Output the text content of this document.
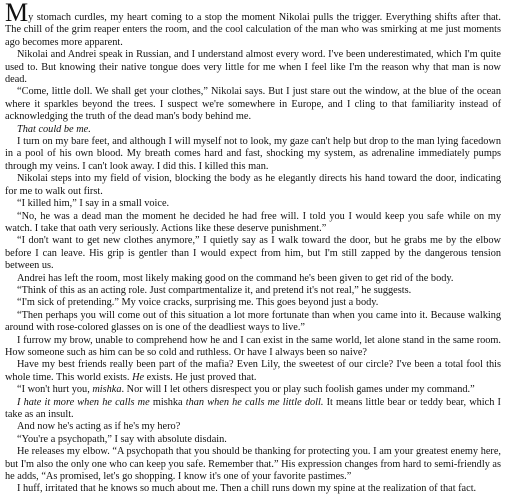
My stomach curdles, my heart coming to a stop the moment Nikolai pulls the trigger. Everything shifts after that. The chill of the grim reaper enters the room, and the cool calculation of the man who was smirking at me just moments ago becomes more apparent.

Nikolai and Andrei speak in Russian, and I understand almost every word. I've been underestimated, which I'm quite used to. But knowing their native tongue does very little for me when I feel like I'm the reason why that man is now dead.

“Come, little doll. We shall get your clothes,” Nikolai says. But I just stare out the window, at the blue of the ocean where it sparkles beyond the trees. I suspect we're somewhere in Europe, and I cling to that familiarity instead of acknowledging the truth of the dead man's body behind me.

That could be me.

I turn on my bare feet, and although I will myself not to look, my gaze can't help but drop to the man lying facedown in a pool of his own blood. My breath comes hard and fast, shocking my system, as adrenaline immediately pumps through my veins. I can't look away. I did this. I killed this man.

Nikolai steps into my field of vision, blocking the body as he elegantly directs his hand toward the door, indicating for me to walk out first.

“I killed him,” I say in a small voice.

“No, he was a dead man the moment he decided he had free will. I told you I would keep you safe while on my watch. I take that oath very seriously. Actions like these deserve punishment.”

“I don't want to get new clothes anymore,” I quietly say as I walk toward the door, but he grabs me by the elbow before I can leave. His grip is gentler than I would expect from him, but I'm still zapped by the dangerous tension between us.

Andrei has left the room, most likely making good on the command he's been given to get rid of the body.

“Think of this as an acting role. Just compartmentalize it, and pretend it's not real,” he suggests.

“I'm sick of pretending.” My voice cracks, surprising me. This goes beyond just a body.

“Then perhaps you will come out of this situation a lot more fortunate than when you came into it. Because walking around with rose-colored glasses on is one of the deadliest ways to live.”

I furrow my brow, unable to comprehend how he and I can exist in the same world, let alone stand in the same room. How someone such as him can be so cold and ruthless. Or have I always been so naive?

Have my best friends really been part of the mafia? Even Lily, the sweetest of our circle? I've been a total fool this whole time. This world exists. He exists. He just proved that.

“I won't hurt you, mishka. Nor will I let others disrespect you or play such foolish games under my command.”

I hate it more when he calls me mishka than when he calls me little doll. It means little bear or teddy bear, which I take as an insult.

And now he's acting as if he's my hero?

“You're a psychopath,” I say with absolute disdain.

He releases my elbow. “A psychopath that you should be thanking for protecting you. I am your greatest enemy here, but I'm also the only one who can keep you safe. Remember that.” His expression changes from hard to semi-friendly as he adds, “As promised, let's go shopping. I know it's one of your favorite pastimes.”

I huff, irritated that he knows so much about me. Then a chill runs down my spine at the realization of that fact.
